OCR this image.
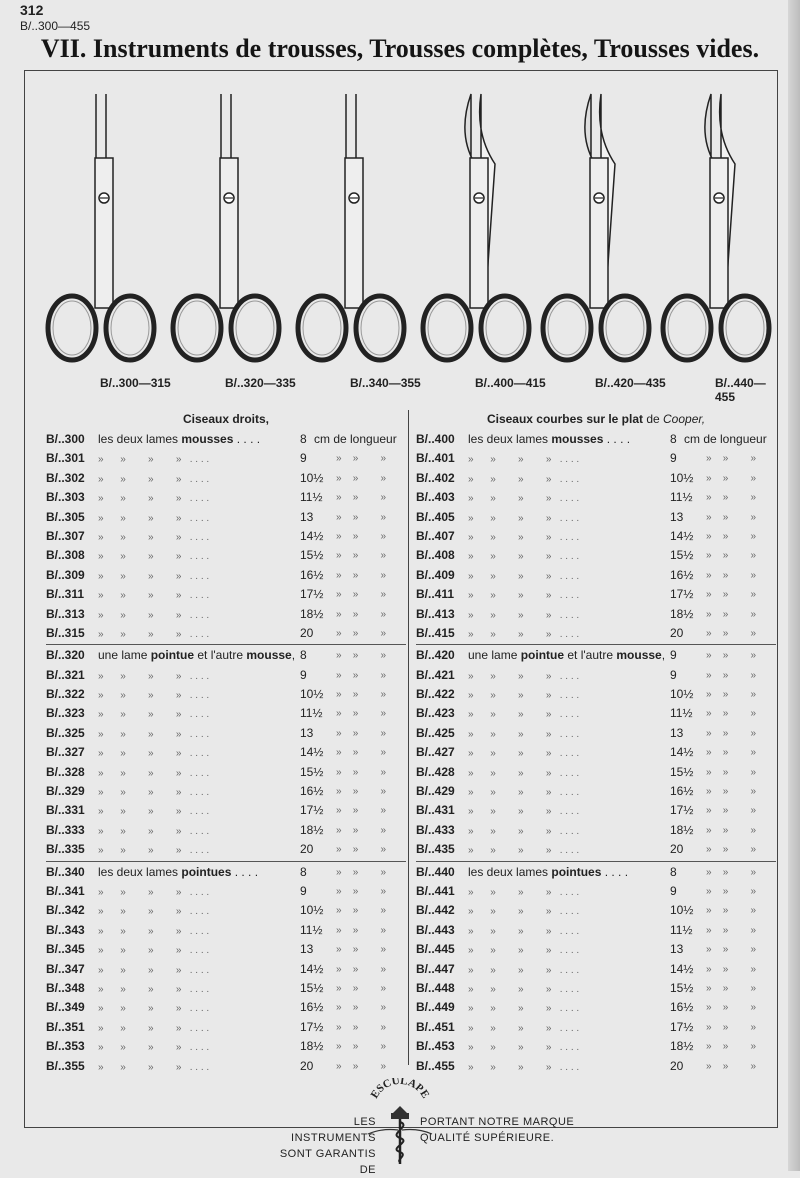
312
B/..300—455
VII. Instruments de trousses, Trousses complètes, Trousses vides.
B/..300—315	B/..320—335	B/..340—355	B/..400—415	B/..420—435	B/..440—455
Ciseaux droits,
B/..300 les deux lames mousses . . . .	8 cm de longueur
B/..301 » » » » . . . .	9	» » »
B/..302 » » » » . . . .	10½ » » »
B/..303 » » » » . . . .	11½ » » »
B/..305 » » » » . . . .	13 » » »
B/..307 » » » » . . . .	14½ » » »
B/..308 » » » » . . . .	15½ » » »
B/..309 » » » » . . . .	16½ » » »
B/..311 » » » » . . . .	17½ » » »
B/..313 » » » » . . . .	18½ » » »
B/..315 » » » » . . . .	20 » » »
B/..320 une lame pointue et l'autre mousse, 8	» » »
B/..321 » » » » . . . .	9	» » »
B/..322 » » » » . . . .	10½ » » »
B/..323 » » » » . . . .	11½ » » »
B/..325 » » » » . . . .	13 » » »
B/..327 » » » » . . . .	14½ » » »
B/..328 » » » » . . . .	15½ » » »
B/..329 » » » » . . . .	16½ » » »
B/..331 » » » » . . . .	17½ » » »
B/..333 » » » » . . . .	18½ » » »
B/..335 » » » » . . . .	20 » » »
B/..340 les deux lames pointues . . . .	8	» » »
B/..341 » » » » . . . .	9	» » »
B/..342 » » » » . . . .	10½ » » »
B/..343 » » » » . . . .	11½ » » »
B/..345 » » » » . . . .	13 » » »
B/..347 » » » » . . . .	14½ » » »
B/..348 » » » » . . . .	15½ » » »
B/..349 » » » » . . . .	16½ » » »
B/..351 » » » » . . . .	17½ » » »
B/..353 » » » » . . . .	18½ » » »
B/..355 » » » » . . . .	20 » » »
Ciseaux courbes sur le plat de Cooper,
B/..400 les deux lames mousses . . . .	8 cm de longueur
B/..401 » » » » . . . .	9	» » »
B/..402 » » » » . . . .	10½ » » »
B/..403 » » » » . . . .	11½ » » »
B/..405 » » » » . . . .	13 » » »
B/..407 » » » » . . . .	14½ » » »
B/..408 » » » » . . . .	15½ » » »
B/..409 » » » » . . . .	16½ » » »
B/..411 » » » » . . . .	17½ » » »
B/..413 » » » » . . . .	18½ » » »
B/..415 » » » » . . . .	20 » » »
B/..420 une lame pointue et l'autre mousse, 9	» » »
B/..421 » » » » . . . .	9	» » »
B/..422 » » » » . . . .	10½ » » »
B/..423 » » » » . . . .	11½ » » »
B/..425 » » » » . . . .	13 » » »
B/..427 » » » » . . . .	14½ » » »
B/..428 » » » » . . . .	15½ » » »
B/..429 » » » » . . . .	16½ » » »
B/..431 » » » » . . . .	17½ » » »
B/..433 » » » » . . . .	18½ » » »
B/..435 » » » » . . . .	20 » » »
B/..440 les deux lames pointues . . . .	8	» » »
B/..441 » » » » . . . .	9	» » »
B/..442 » » » » . . . .	10½ » » »
B/..443 » » » » . . . .	11½ » » »
B/..445 » » » » . . . .	13 » » »
B/..447 » » » » . . . .	14½ » » »
B/..448 » » » » . . . .	15½ » » »
B/..449 » » » » . . . .	16½ » » »
B/..451 » » » » . . . .	17½ » » »
B/..453 » » » » . . . .	18½ » » »
B/..455 » » » » . . . .	20 » » »
LES INSTRUMENTS
SONT GARANTIS DE
ESCULAPE
PORTANT NOTRE MARQUE
QUALITÉ SUPÉRIEURE.
